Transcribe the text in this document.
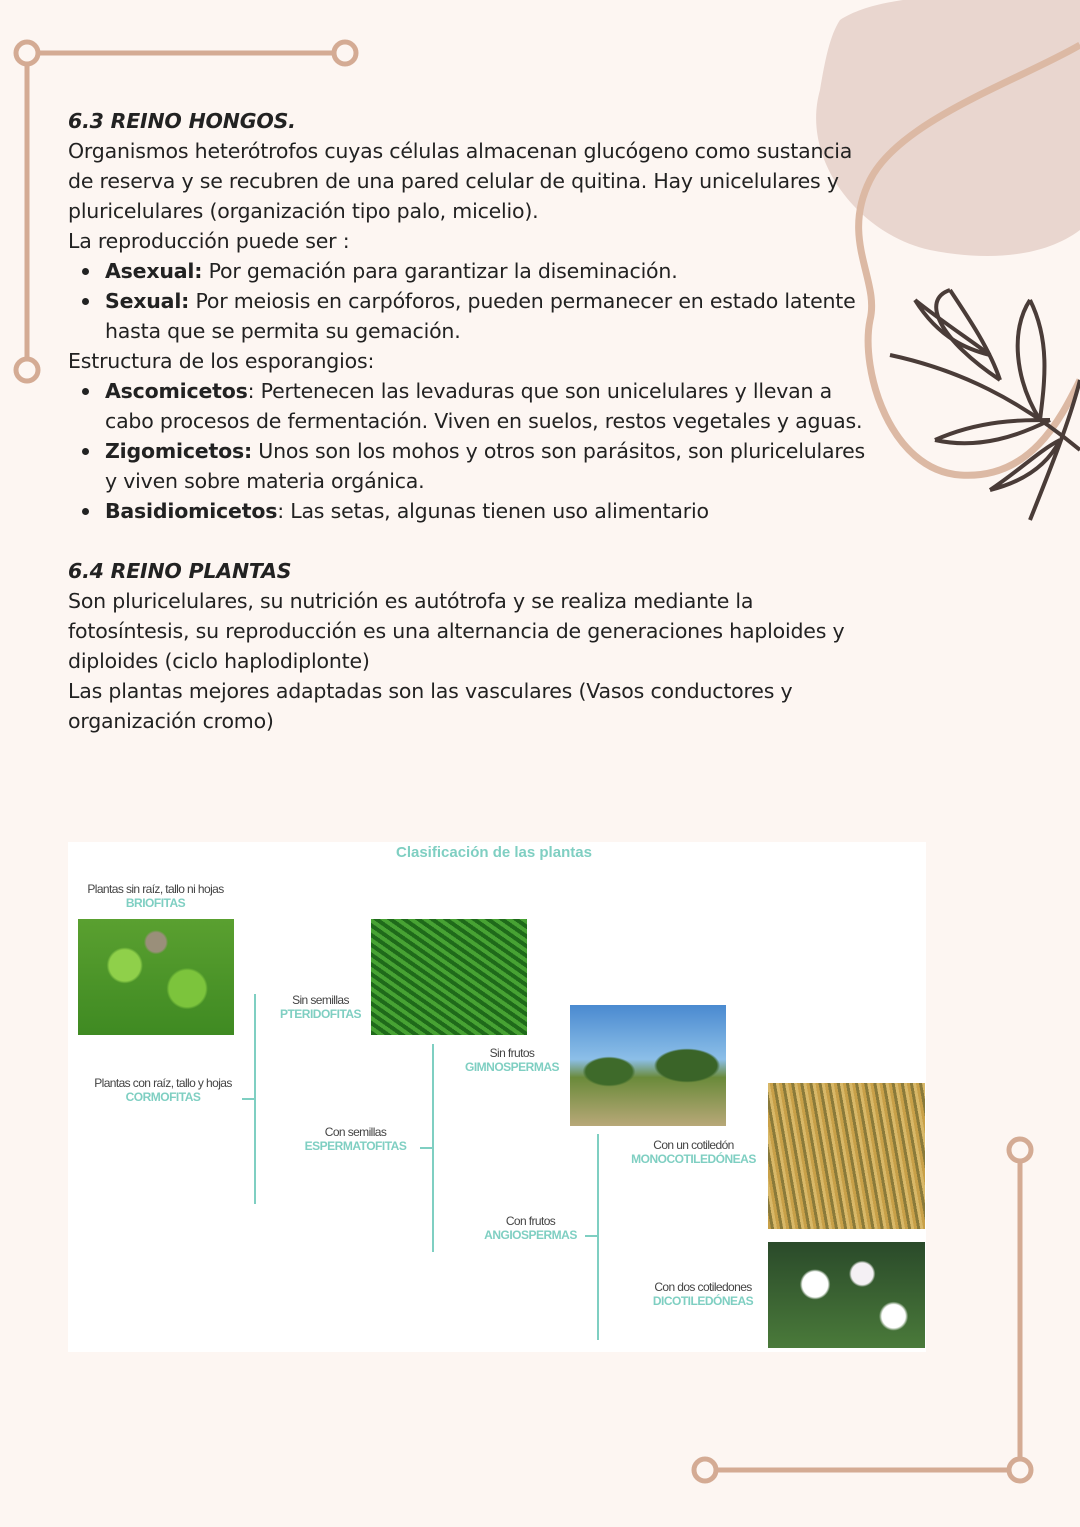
6.3 REINO HONGOS.
Organismos heterótrofos cuyas células almacenan glucógeno como sustancia de reserva y se recubren de una pared celular de quitina. Hay unicelulares y pluricelulares (organización tipo palo, micelio).
La reproducción puede ser :
Asexual: Por gemación para garantizar la diseminación.
Sexual: Por meiosis en carpóforos, pueden permanecer en estado latente hasta que se permita su gemación.
Estructura de los esporangios:
Ascomicetos: Pertenecen las levaduras que son unicelulares y llevan a cabo procesos de fermentación. Viven en suelos, restos vegetales y aguas.
Zigomicetos: Unos son los mohos y otros son parásitos, son pluricelulares y viven sobre materia orgánica.
Basidiomicetos: Las setas, algunas tienen uso alimentario
6.4 REINO PLANTAS
Son pluricelulares, su nutrición es autótrofa y se realiza mediante la fotosíntesis, su reproducción es una alternancia de generaciones haploides y diploides (ciclo haplodiplonte)
Las plantas mejores adaptadas son las vasculares (Vasos conductores y organización cromo)
Clasificación de las plantas
Plantas sin raíz, tallo ni hojas
BRIOFITAS
Plantas con raíz, tallo y hojas
CORMOFITAS
Sin semillas
PTERIDOFITAS
Con semillas
ESPERMATOFITAS
Sin frutos
GIMNOSPERMAS
Con frutos
ANGIOSPERMAS
Con un cotiledón
MONOCOTILEDÓNEAS
Con dos cotiledones
DICOTILEDÓNEAS
